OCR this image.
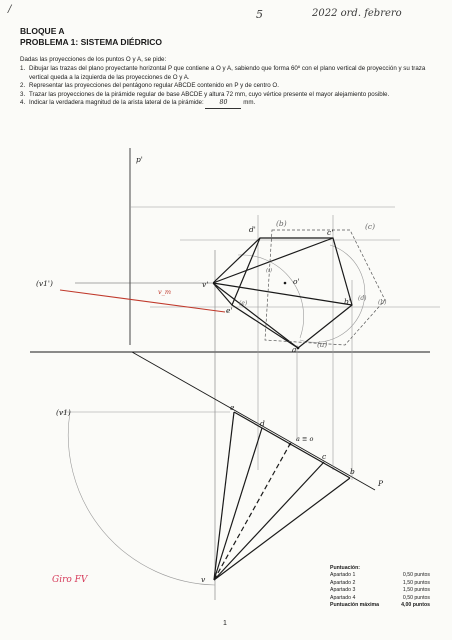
5	2022 ord. febrero
/
BLOQUE A
PROBLEMA 1: SISTEMA DIÉDRICO
Dadas las proyecciones de los puntos O y A, se pide:
1. Dibujar las trazas del plano proyectante horizontal P que contiene a O y A, sabiendo que forma 60º con el plano vertical de proyección y su traza vertical queda a la izquierda de las proyecciones de O y A.
2. Representar las proyecciones del pentágono regular ABCDE contenido en P y de centro O.
3. Trazar las proyecciones de la pirámide regular de base ABCDE y altura 72 mm, cuyo vértice presente el mayor alejamiento posible.
4. Indicar la verdadera magnitud de la arista lateral de la pirámide:	80	mm.
p'
d'
(b)
c'
(c)
(v1')	v'	o'
e'
b'
(a)
a'
v_m
(e)
(d)
(b)
(i)
(v1)
e
d
a ≡ o
c
b
P
v
Giro FV
Puntuación:
Apartado 1	0,50 puntos
Apartado 2	1,50 puntos
Apartado 3	1,50 puntos
Apartado 4	0,50 puntos
Puntuación máxima	4,00 puntos
1
